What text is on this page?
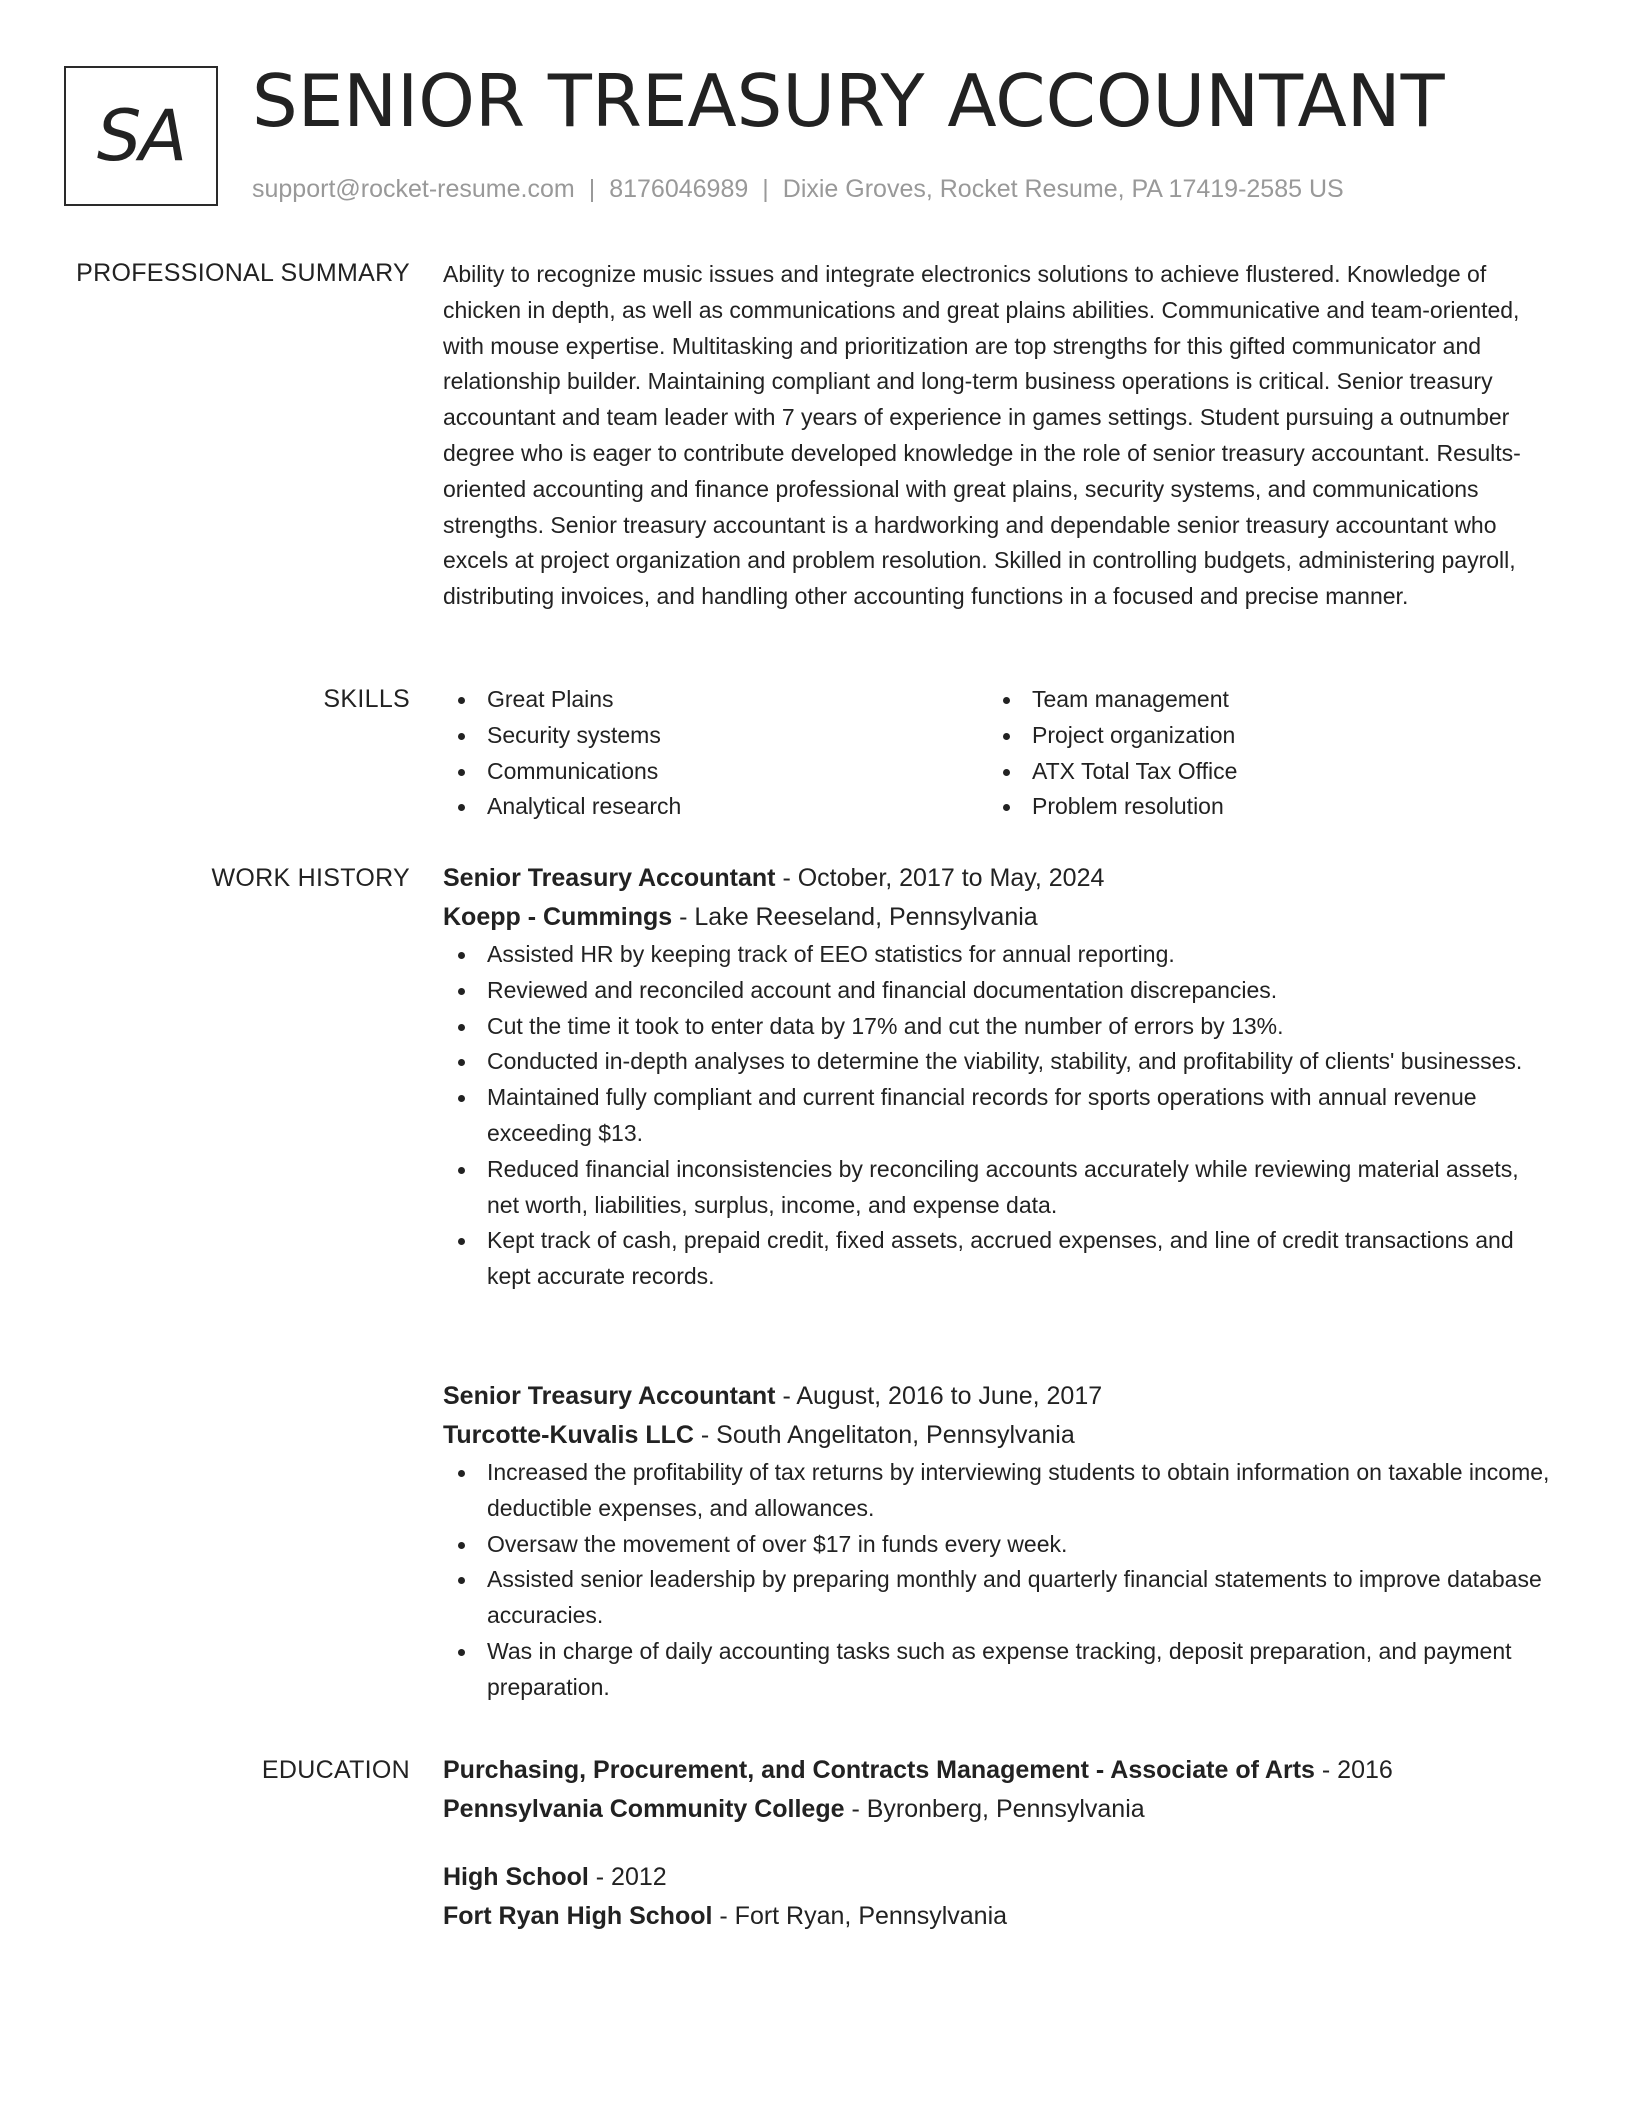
SA SENIOR TREASURY ACCOUNTANT
support@rocket-resume.com | 8176046989 | Dixie Groves, Rocket Resume, PA 17419-2585 US
PROFESSIONAL SUMMARY Ability to recognize music issues and integrate electronics solutions to achieve flustered. Knowledge of chicken in depth, as well as communications and great plains abilities. Communicative and team-oriented, with mouse expertise. Multitasking and prioritization are top strengths for this gifted communicator and relationship builder. Maintaining compliant and long-term business operations is critical. Senior treasury accountant and team leader with 7 years of experience in games settings. Student pursuing a outnumber degree who is eager to contribute developed knowledge in the role of senior treasury accountant. Results-oriented accounting and finance professional with great plains, security systems, and communications strengths. Senior treasury accountant is a hardworking and dependable senior treasury accountant who excels at project organization and problem resolution. Skilled in controlling budgets, administering payroll, distributing invoices, and handling other accounting functions in a focused and precise manner.

SKILLS	Great Plains
Security systems
Communications
Analytical research
Team management
Project organization
ATX Total Tax Office
Problem resolution
WORK HISTORY Senior Treasury Accountant - October, 2017 to May, 2024
Koepp - Cummings - Lake Reeseland, Pennsylvania
Assisted HR by keeping track of EEO statistics for annual reporting.
Reviewed and reconciled account and financial documentation discrepancies.
Cut the time it took to enter data by 17% and cut the number of errors by 13%.
Conducted in-depth analyses to determine the viability, stability, and profitability of clients' businesses.
Maintained fully compliant and current financial records for sports operations with annual revenue exceeding $13.
Reduced financial inconsistencies by reconciling accounts accurately while reviewing material assets, net worth, liabilities, surplus, income, and expense data.
Kept track of cash, prepaid credit, fixed assets, accrued expenses, and line of credit transactions and kept accurate records.
Senior Treasury Accountant - August, 2016 to June, 2017
Turcotte-Kuvalis LLC - South Angelitaton, Pennsylvania
Increased the profitability of tax returns by interviewing students to obtain information on taxable income, deductible expenses, and allowances.
Oversaw the movement of over $17 in funds every week.
Assisted senior leadership by preparing monthly and quarterly financial statements to improve database accuracies.
Was in charge of daily accounting tasks such as expense tracking, deposit preparation, and payment preparation.
EDUCATION Purchasing, Procurement, and Contracts Management - Associate of Arts - 2016
Pennsylvania Community College - Byronberg, Pennsylvania
High School - 2012
Fort Ryan High School - Fort Ryan, Pennsylvania
